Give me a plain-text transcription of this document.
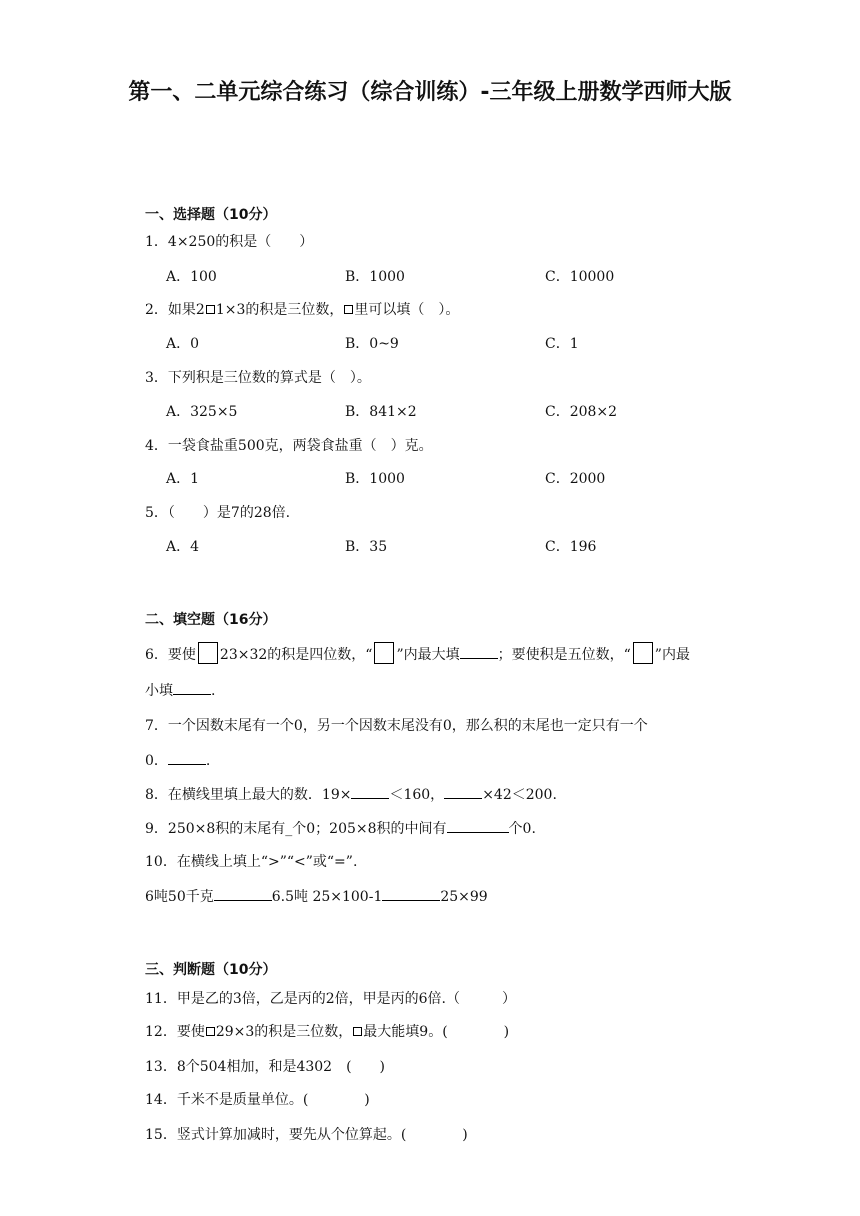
第一、二单元综合练习（综合训练）-三年级上册数学西师大版
一、选择题（10分）
1．4×250的积是（　　）
A．100	B．1000	C．10000
2．如果2 1×3的积是三位数， 里可以填（　）。
A．0	B．0~9	C．1
3．下列积是三位数的算式是（　）。
A．325×5	B．841×2	C．208×2
4．一袋食盐重500克，两袋食盐重（　）克。
A．1	B．1000	C．2000
5．（　　）是7的28倍.
A．4	B．35	C．196
二、填空题（16分）
6．要使 23×32的积是四位数，“ ”内最大填	；要使积是五位数，“ ”内最
小填	.
7．一个因数末尾有一个0，另一个因数末尾没有0，那么积的末尾也一定只有一个
0．	.
8．在横线里填上最大的数．19×	＜160，	×42＜200.
9．250×8积的末尾有_个0；205×8积的中间有	个0.
10．在横线上填上“>”“<”或“=”.
6吨50千克	6.5吨 25×100-1	25×99
三、判断题（10分）
11．甲是乙的3倍，乙是丙的2倍，甲是丙的6倍.（　　　）
12．要使 29×3的积是三位数， 最大能填9。(　　　　)
13．8个504相加，和是4302　(　　)
14．千米不是质量单位。(　　　　)
15．竖式计算加减时，要先从个位算起。(　　　　)
